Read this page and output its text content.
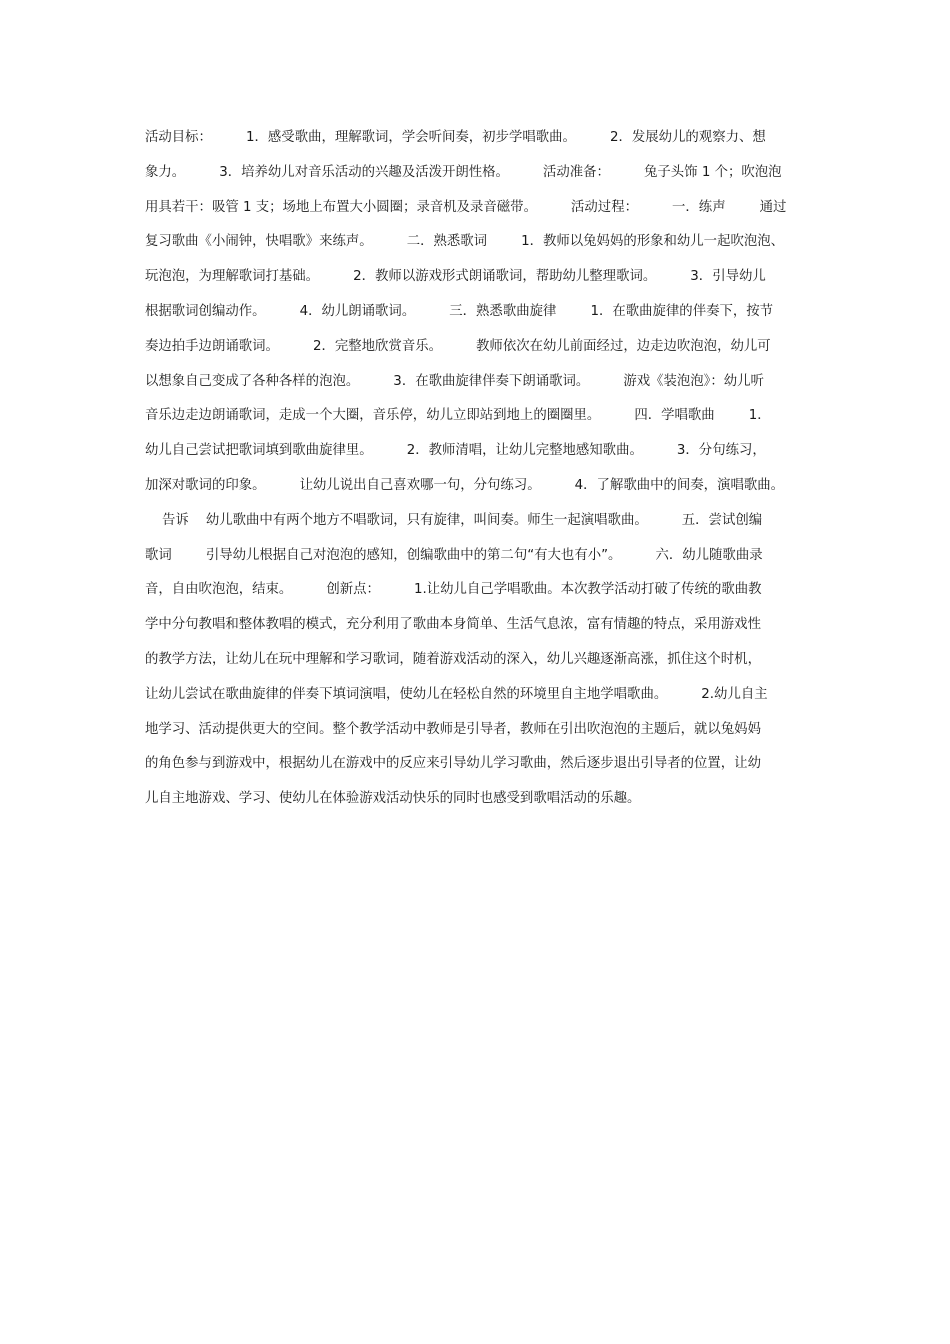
活动目标：        1．感受歌曲，理解歌词，学会听间奏，初步学唱歌曲。        2．发展幼儿的观察力、想
象力。        3．培养幼儿对音乐活动的兴趣及活泼开朗性格。        活动准备：        兔子头饰 1 个；吹泡泡
用具若干：吸管 1 支；场地上布置大小圆圈；录音机及录音磁带。        活动过程：        一．练声        通过
复习歌曲《小闹钟，快唱歌》来练声。        二．熟悉歌词        1．教师以兔妈妈的形象和幼儿一起吹泡泡、
玩泡泡，为理解歌词打基础。        2．教师以游戏形式朗诵歌词，帮助幼儿整理歌词。        3．引导幼儿
根据歌词创编动作。        4．幼儿朗诵歌词。        三．熟悉歌曲旋律        1．在歌曲旋律的伴奏下，按节
奏边拍手边朗诵歌词。        2．完整地欣赏音乐。        教师依次在幼儿前面经过，边走边吹泡泡，幼儿可
以想象自己变成了各种各样的泡泡。        3．在歌曲旋律伴奏下朗诵歌词。        游戏《装泡泡》：幼儿听
音乐边走边朗诵歌词，走成一个大圈，音乐停，幼儿立即站到地上的圈圈里。        四．学唱歌曲        1．
幼儿自己尝试把歌词填到歌曲旋律里。        2．教师清唱，让幼儿完整地感知歌曲。        3．分句练习，
加深对歌词的印象。        让幼儿说出自己喜欢哪一句，分句练习。        4．了解歌曲中的间奏，演唱歌曲。
告诉    幼儿歌曲中有两个地方不唱歌词，只有旋律，叫间奏。师生一起演唱歌曲。        五．尝试创编
歌词        引导幼儿根据自己对泡泡的感知，创编歌曲中的第二句“有大也有小”。        六．幼儿随歌曲录
音，自由吹泡泡，结束。        创新点：        1.让幼儿自己学唱歌曲。本次教学活动打破了传统的歌曲教
学中分句教唱和整体教唱的模式，充分利用了歌曲本身简单、生活气息浓，富有情趣的特点，采用游戏性
的教学方法，让幼儿在玩中理解和学习歌词，随着游戏活动的深入，幼儿兴趣逐渐高涨，抓住这个时机，
让幼儿尝试在歌曲旋律的伴奏下填词演唱，使幼儿在轻松自然的环境里自主地学唱歌曲。        2.幼儿自主
地学习、活动提供更大的空间。整个教学活动中教师是引导者，教师在引出吹泡泡的主题后，就以兔妈妈
的角色参与到游戏中，根据幼儿在游戏中的反应来引导幼儿学习歌曲，然后逐步退出引导者的位置，让幼
儿自主地游戏、学习、使幼儿在体验游戏活动快乐的同时也感受到歌唱活动的乐趣。
